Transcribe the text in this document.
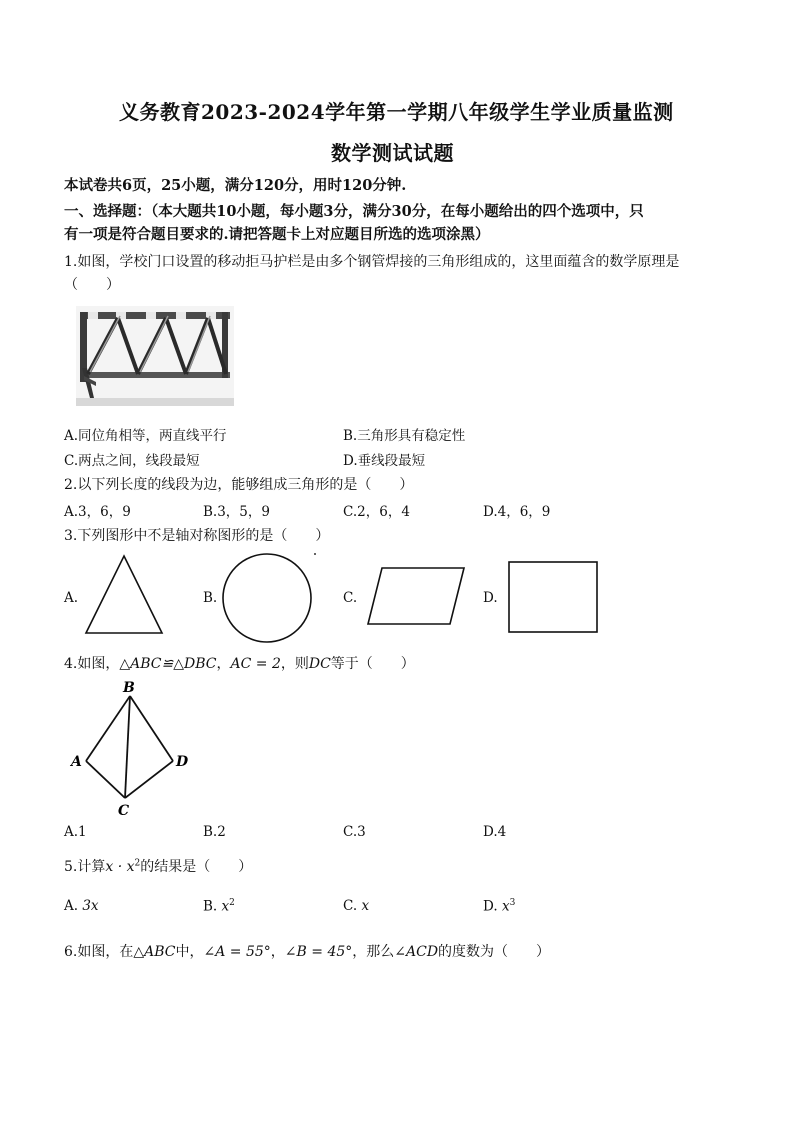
义务教育2023-2024学年第一学期八年级学生学业质量监测
数学测试试题
本试卷共6页，25小题，满分120分，用时120分钟.
一、选择题：（本大题共10小题，每小题3分，满分30分，在每小题给出的四个选项中，只
有一项是符合题目要求的.请把答题卡上对应题目所选的选项涂黑）
1.如图，学校门口设置的移动拒马护栏是由多个钢管焊接的三角形组成的，这里面蕴含的数学原理是
（　　）
A.同位角相等，两直线平行	B.三角形具有稳定性
C.两点之间，线段最短	D.垂线段最短
2.以下列长度的线段为边，能够组成三角形的是（　　）
A.3，6，9	B.3，5，9	C.2，6，4	D.4，6，9
3.下列图形中不是轴对称图形的是（　　）
A.	B.	C.	D.
4.如图，△ABC≌△DBC，AC = 2，则DC等于（　　）
B
A	D
C
A.1	B.2	C.3	D.4
5.计算$x \cdot x^2$的结果是（　　）
A. 3x	B. $x^2$	C. x	D. $x^3$
6.如图，在△ABC中，∠A = 55°，∠B = 45°，那么∠ACD的度数为（　　）
